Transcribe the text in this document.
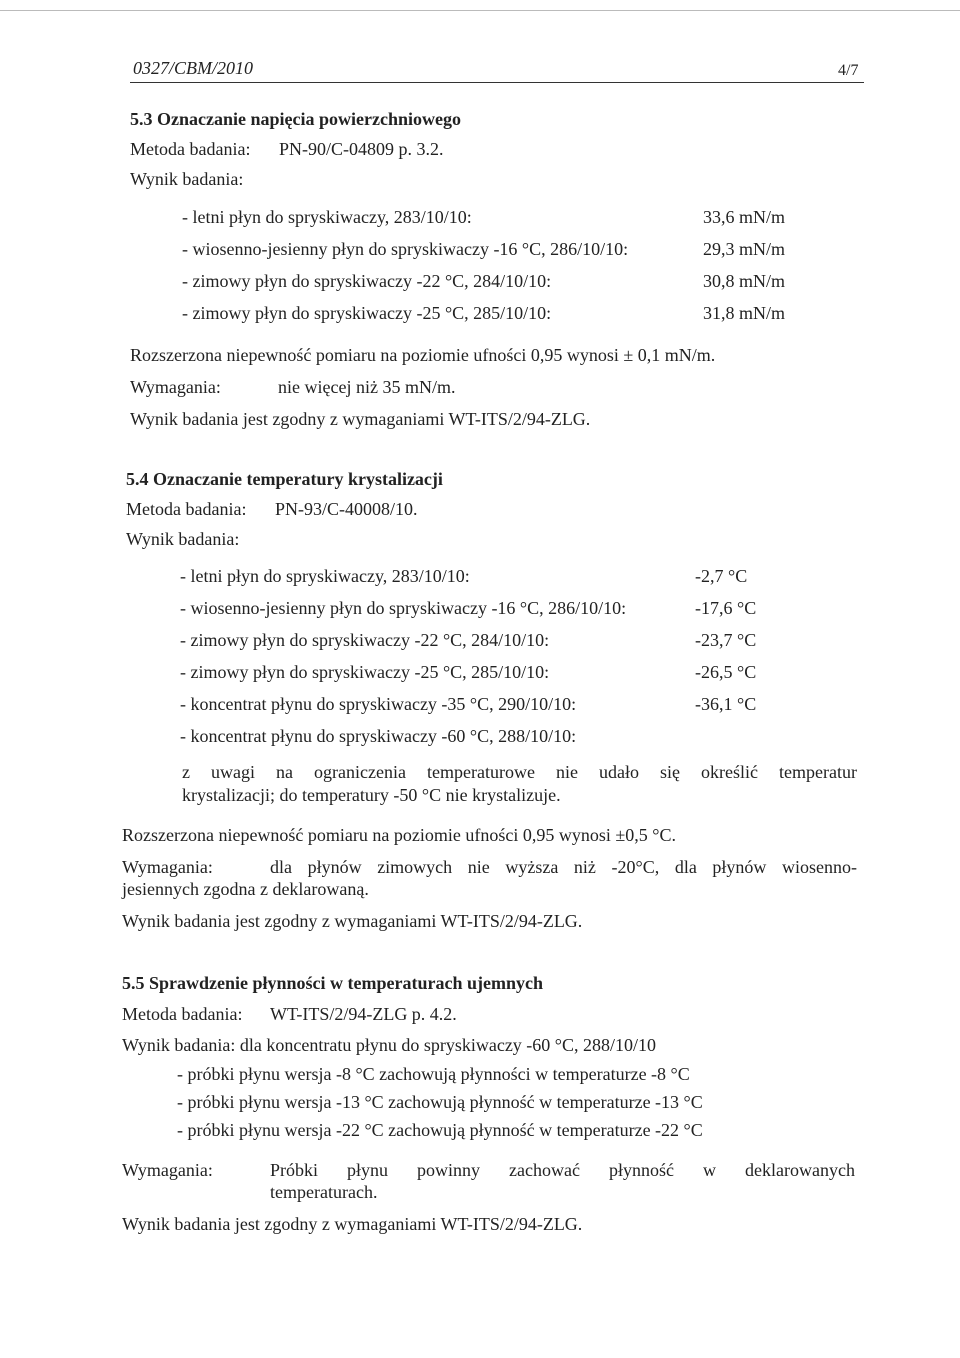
0327/CBM/2010	4/7
5.3 Oznaczanie napięcia powierzchniowego
Metoda badania: PN-90/C-04809 p. 3.2.
Wynik badania:
- letni płyn do spryskiwaczy, 283/10/10:	33,6 mN/m
- wiosenno-jesienny płyn do spryskiwaczy -16 °C, 286/10/10:	29,3 mN/m
- zimowy płyn do spryskiwaczy -22 °C, 284/10/10:	30,8 mN/m
- zimowy płyn do spryskiwaczy -25 °C, 285/10/10:	31,8 mN/m
Rozszerzona niepewność pomiaru na poziomie ufności 0,95 wynosi ± 0,1 mN/m.
Wymagania:	nie więcej niż 35 mN/m.
Wynik badania jest zgodny z wymaganiami WT-ITS/2/94-ZLG.
5.4 Oznaczanie temperatury krystalizacji
Metoda badania: PN-93/C-40008/10.
Wynik badania:
- letni płyn do spryskiwaczy, 283/10/10:	-2,7 °C
- wiosenno-jesienny płyn do spryskiwaczy -16 °C, 286/10/10:	-17,6 °C
- zimowy płyn do spryskiwaczy -22 °C, 284/10/10:	-23,7 °C
- zimowy płyn do spryskiwaczy -25 °C, 285/10/10:	-26,5 °C
- koncentrat płynu do spryskiwaczy -35 °C, 290/10/10:	-36,1 °C
- koncentrat płynu do spryskiwaczy -60 °C, 288/10/10:
z uwagi na ograniczenia temperaturowe nie udało się określić temperatur
krystalizacji; do temperatury -50 °C nie krystalizuje.
Rozszerzona niepewność pomiaru na poziomie ufności 0,95 wynosi ±0,5 °C.
Wymagania:	dla płynów zimowych nie wyższa niż -20°C, dla płynów wiosenno-
jesiennych zgodna z deklarowaną.
Wynik badania jest zgodny z wymaganiami WT-ITS/2/94-ZLG.
5.5 Sprawdzenie płynności w temperaturach ujemnych
Metoda badania: WT-ITS/2/94-ZLG p. 4.2.
Wynik badania: dla koncentratu płynu do spryskiwaczy -60 °C, 288/10/10
- próbki płynu wersja -8 °C zachowują płynności w temperaturze -8 °C
- próbki płynu wersja -13 °C zachowują płynność w temperaturze -13 °C
- próbki płynu wersja -22 °C zachowują płynność w temperaturze -22 °C
Wymagania:	Próbki płynu powinny zachować płynność w deklarowanych
temperaturach.
Wynik badania jest zgodny z wymaganiami WT-ITS/2/94-ZLG.
